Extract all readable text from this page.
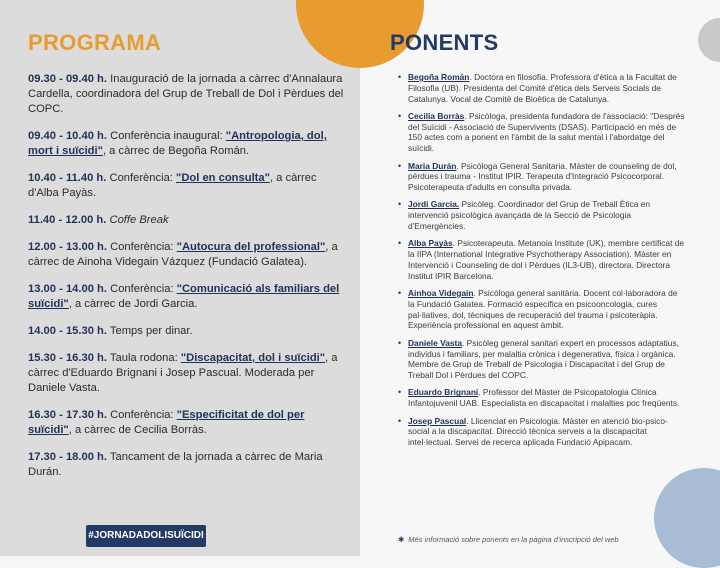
PROGRAMA	PONENTS
09.30 - 09.40 h. Inauguració de la jornada a càrrec d'Annalaura Cardella, coordinadora del Grup de Treball de Dol i Pèrdues del COPC.
09.40 - 10.40 h. Conferència inaugural: "Antropologia, dol, mort i suïcidi", a càrrec de Begoña Román.
10.40 - 11.40 h. Conferència: "Dol en consulta", a càrrec d'Alba Payàs.
11.40 - 12.00 h. Coffe Break
12.00 - 13.00 h. Conferència: "Autocura del professional", a càrrec de Ainoha Videgain Vázquez (Fundació Galatea).
13.00 - 14.00 h. Conferència: "Comunicació als familiars del suïcidi", a càrrec de Jordi Garcia.
14.00 - 15.30 h. Temps per dinar.
15.30 - 16.30 h. Taula rodona: "Discapacitat, dol i suïcidi", a càrrec d'Eduardo Brignani i Josep Pascual. Moderada per Daniele Vasta.
16.30 - 17.30 h. Conferència: "Especificitat de dol per suïcidi", a càrrec de Cecilia Borràs.
17.30 - 18.00 h. Tancament de la jornada a càrrec de Maria Durán.
#JORNADADOLISUÏCIDI
• Begoña Román. Doctora en filosofia. Professora d'ètica a la Facultat de Filosofia (UB). Presidenta del Comitè d'ètica dels Serveis Socials de Catalunya. Vocal de Comitè de Bioètica de Catalunya.
• Cecilia Borràs. Psicòloga, presidenta fundadora de l'associació: "Després del Suïcidi - Associació de Supervivents (DSAS). Participació en més de 150 actes com a ponent en l'àmbit de la salut mental i l'abordatge del suïcidi.
• Maria Durán. Psicòloga General Sanitaria. Màster de counseling de dol, pèrdues i trauma - Institut IPIR. Terapeuta d'Integració Psicocorporal. Psicoterapeuta d'adults en consulta privada.
• Jordi Garcia. Psicòleg. Coordinador del Grup de Treball Ètica en intervenció psicològica avançada de la Secció de Psicologia d'Emergències.
• Alba Payàs. Psicoterapeuta. Metanoia Institute (UK), membre certificat de la IIPA (International Integrative Psychotherapy Association). Màster en Intervenció i Counseling de dol i Pèrdues (IL3-UB), directora. Directora Institut IPIR Barcelona.
• Ainhoa Videgain. Psicòloga general sanitària. Docent col·laboradora de la Fundació Galatea. Formació específica en psicooncologia, cures pal·liatives, dol, tècniques de recuperació del trauma i psicoteràpia. Experiència professional en aquest àmbit.
• Daniele Vasta. Psicòleg general sanitari expert en processos adaptatius, individus i familiars, per malaltia crònica i degenerativa, física i orgànica. Membre de Grup de Treball de Psicologia i Discapacitat i del Grup de Treball Dol i Pèrdues del COPC.
• Eduardo Brignani. Professor del Màster de Psicopatologia Clínica Infantojuvenil UAB. Especialista en discapacitat i malalties poc freqüents.
• Josep Pascual. Llicenciat en Psicologia. Màster en atenció bio-psico-social a la discapacitat. Direcció tècnica serveis a la discapacitat intel·lectual. Servei de recerca aplicada Fundació Apipacam.
✱ Més informació sobre ponents en la pàgina d'inscripció del web
